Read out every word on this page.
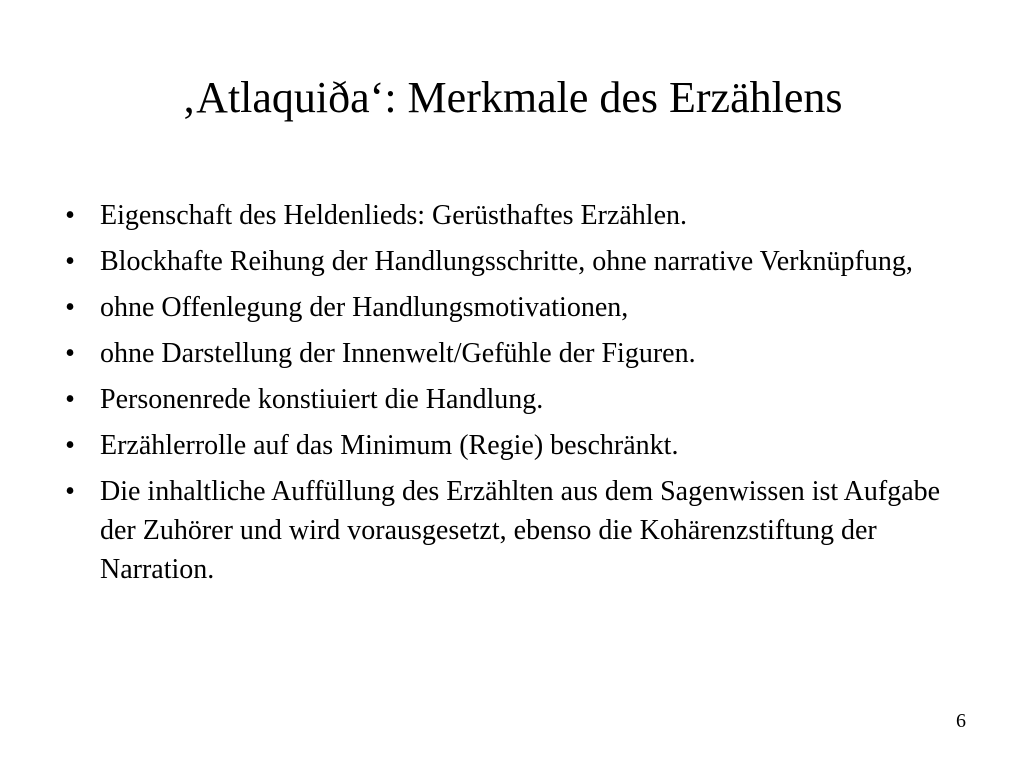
‚Atlaquiða‘: Merkmale des Erzählens
• Eigenschaft des Heldenlieds: Gerüsthaftes Erzählen.
• Blockhafte Reihung der Handlungsschritte, ohne narrative Verknüpfung,
• ohne Offenlegung der Handlungsmotivationen,
• ohne Darstellung der Innenwelt/Gefühle der Figuren.
• Personenrede konstiuiert die Handlung.
• Erzählerrolle auf das Minimum (Regie) beschränkt.
• Die inhaltliche Auffüllung des Erzählten aus dem Sagenwissen ist Aufgabe der Zuhörer und wird vorausgesetzt, ebenso die Kohärenzstiftung der Narration.
6
